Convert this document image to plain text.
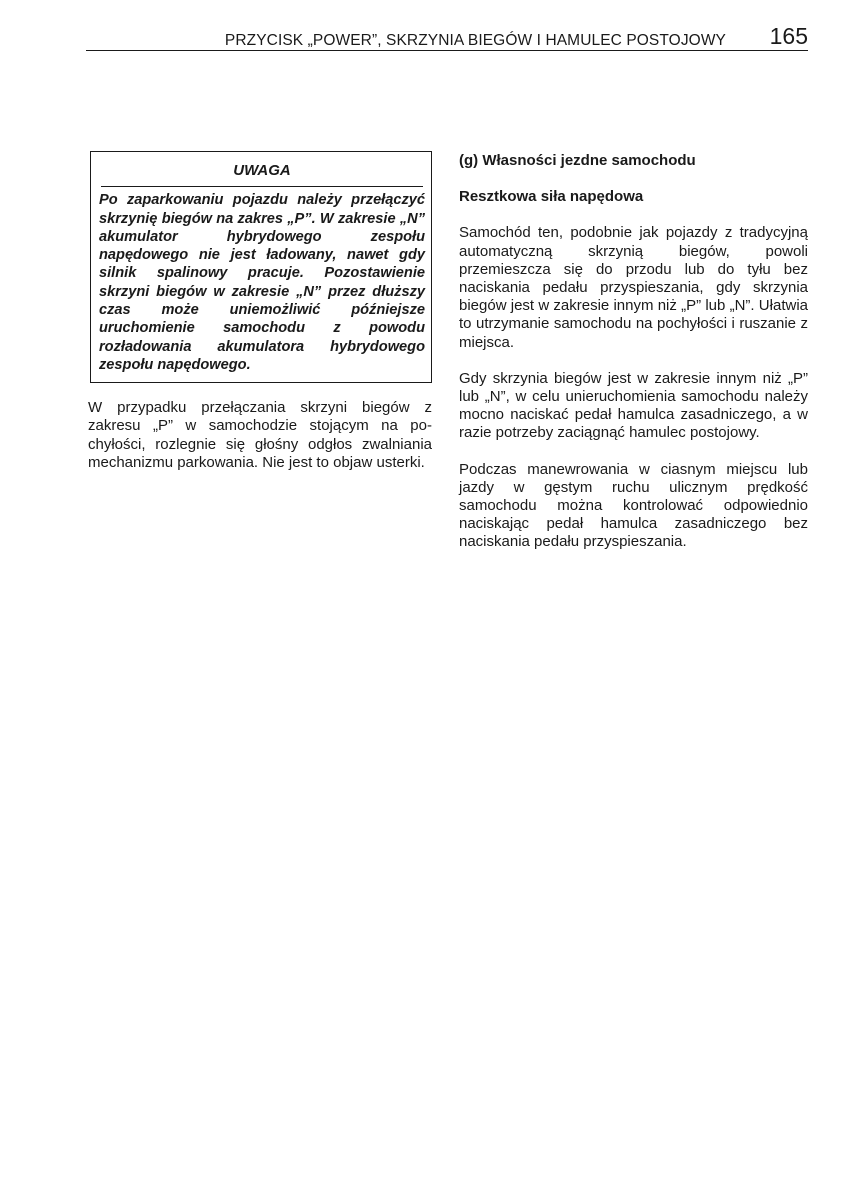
PRZYCISK „POWER”, SKRZYNIA BIEGÓW I HAMULEC POSTOJOWY 165
UWAGA
Po zaparkowaniu pojazdu należy przełączyć skrzynię biegów na zakres „P”. W zakresie „N” akumulator hybrydowego zespołu napędowego nie jest ładowany, nawet gdy silnik spalinowy pracuje. Pozostawienie skrzyni biegów w zakresie „N” przez dłuższy czas może uniemożliwić późniejsze uruchomienie samochodu z powodu rozładowania akumulatora hybrydowego zespołu napędowego.

W przypadku przełączania skrzyni biegów z zakresu „P” w samochodzie stojącym na pochyłości, rozlegnie się głośny odgłos zwalniania mechanizmu parkowania. Nie jest to objaw usterki.

(g) Własności jezdne samochodu
Resztkowa siła napędowa

Samochód ten, podobnie jak pojazdy z tradycyjną automatyczną skrzynią biegów, powoli przemieszcza się do przodu lub do tyłu bez naciskania pedału przyspieszania, gdy skrzynia biegów jest w zakresie innym niż „P” lub „N”. Ułatwia to utrzymanie samochodu na pochyłości i ruszanie z miejsca.

Gdy skrzynia biegów jest w zakresie innym niż „P” lub „N”, w celu unieruchomienia samochodu należy mocno naciskać pedał hamulca zasadniczego, a w razie potrzeby zaciągnąć hamulec postojowy.

Podczas manewrowania w ciasnym miejscu lub jazdy w gęstym ruchu ulicznym prędkość samochodu można kontrolować odpowiednio naciskając pedał hamulca zasadniczego bez naciskania pedału przyspieszania.
